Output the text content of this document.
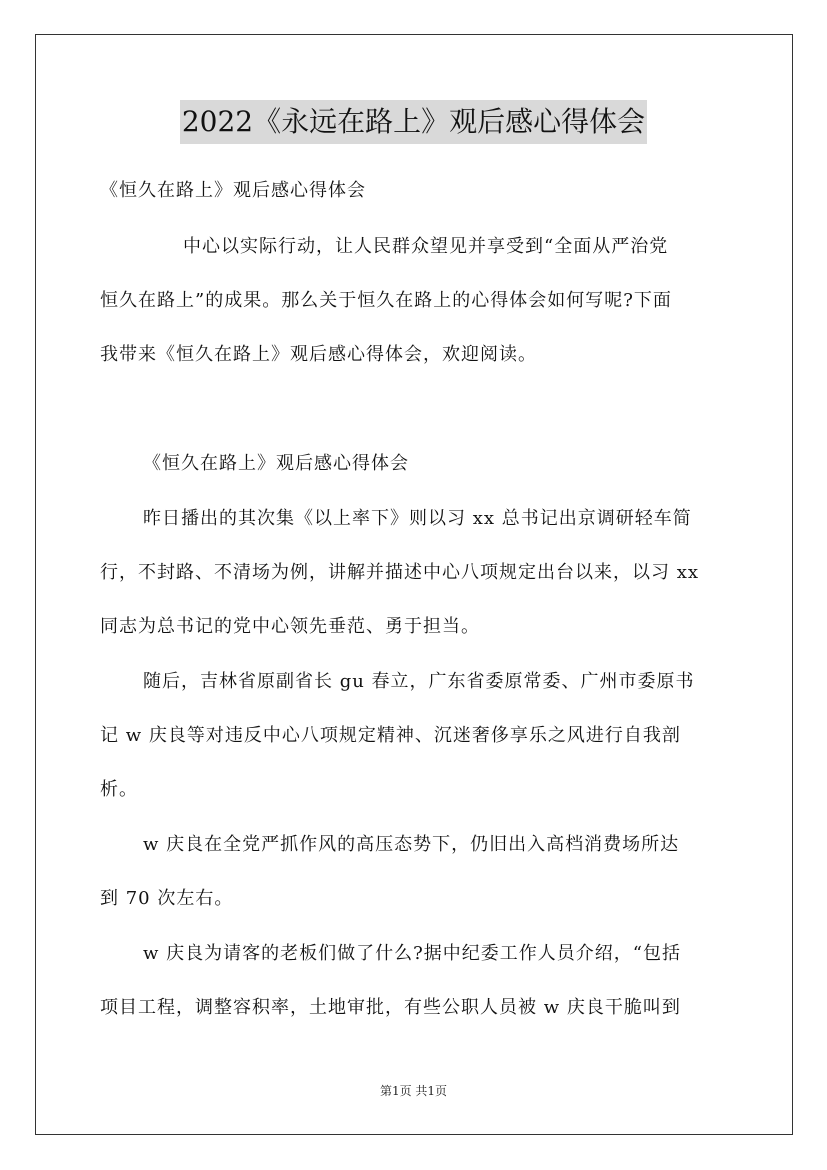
2022《永远在路上》观后感心得体会
《恒久在路上》观后感心得体会
中心以实际行动，让人民群众望见并享受到“全面从严治党
恒久在路上”的成果。那么关于恒久在路上的心得体会如何写呢?下面
我带来《恒久在路上》观后感心得体会，欢迎阅读。
《恒久在路上》观后感心得体会
昨日播出的其次集《以上率下》则以习 xx 总书记出京调研轻车简
行，不封路、不清场为例，讲解并描述中心八项规定出台以来，以习 xx
同志为总书记的党中心领先垂范、勇于担当。
随后，吉林省原副省长 gu 春立，广东省委原常委、广州市委原书
记 w 庆良等对违反中心八项规定精神、沉迷奢侈享乐之风进行自我剖
析。
w 庆良在全党严抓作风的高压态势下，仍旧出入高档消费场所达
到 70 次左右。
w 庆良为请客的老板们做了什么?据中纪委工作人员介绍，“包括
项目工程，调整容积率，土地审批，有些公职人员被 w 庆良干脆叫到
第1页 共1页
